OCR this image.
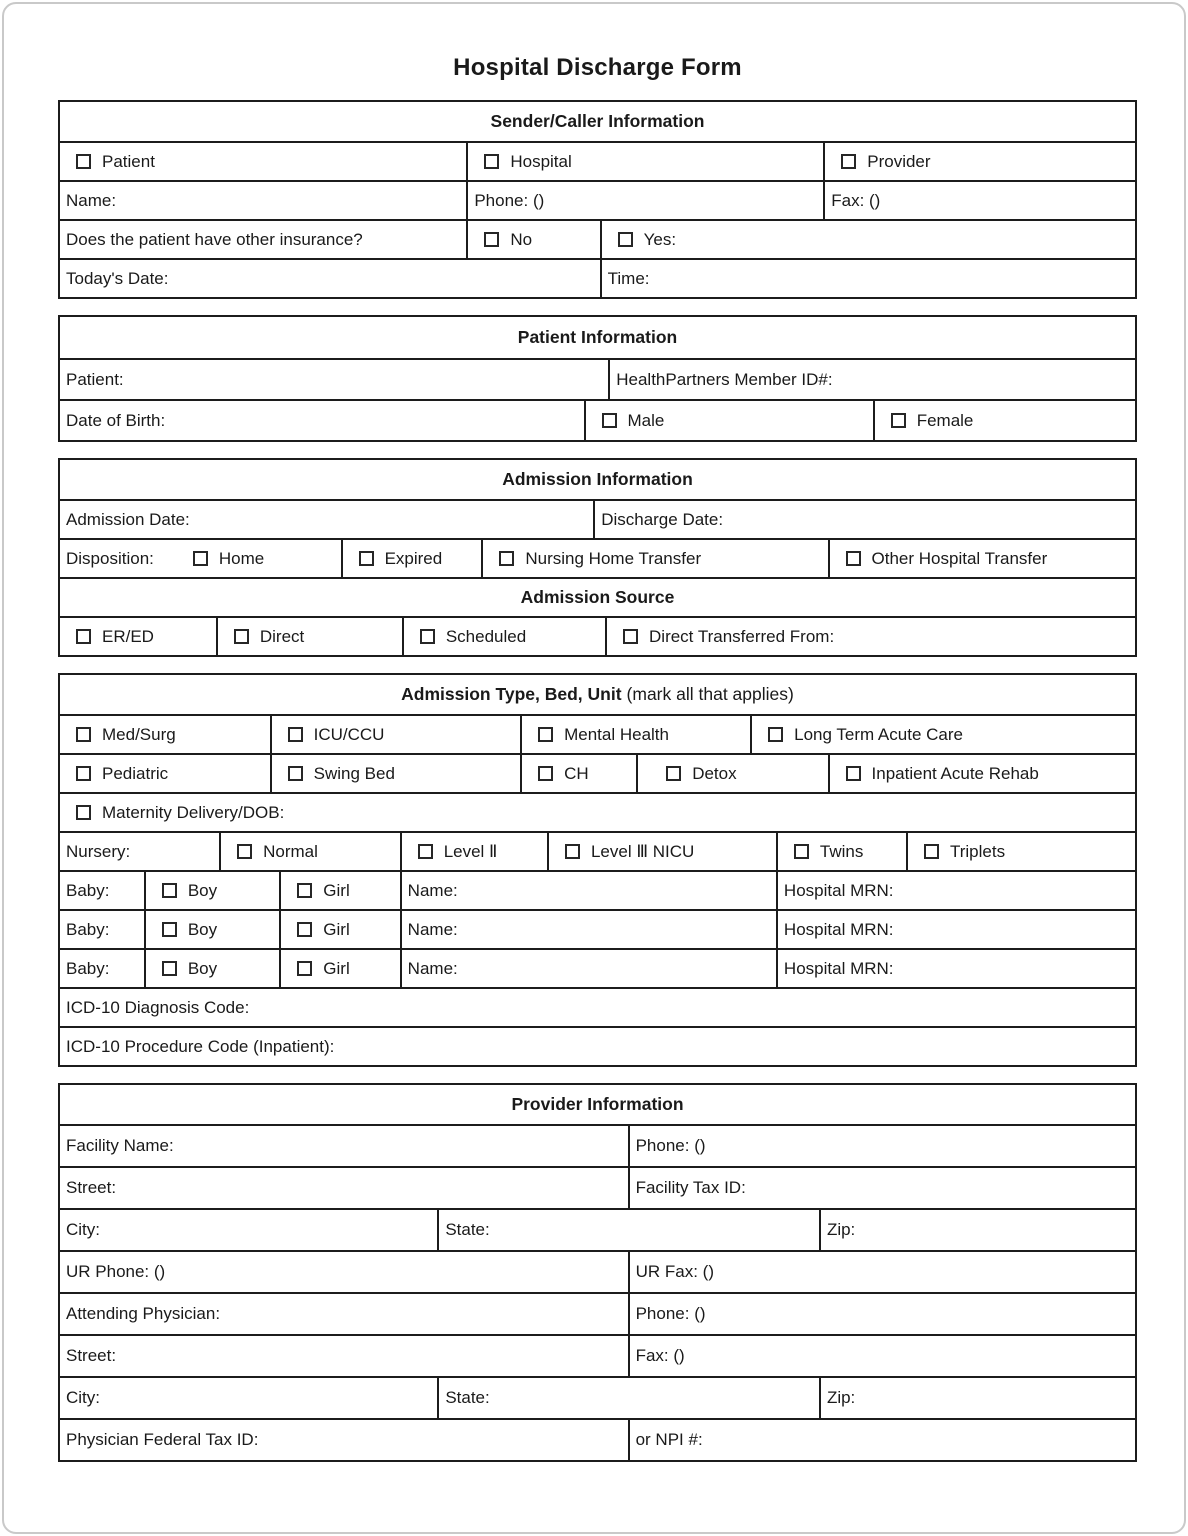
Hospital Discharge Form
Sender/Caller Information
Patient	Hospital	Provider
Name:	Phone: ()	Fax: ()
Does the patient have other insurance?	No	Yes:
Today's Date:	Time:
Patient Information
Patient:	HealthPartners Member ID#:
Date of Birth:	Male	Female
Admission Information
Admission Date:	Discharge Date:
Disposition:	Home	Expired	Nursing Home Transfer	Other Hospital Transfer
Admission Source
ER/ED	Direct	Scheduled	Direct Transferred From:
Admission Type, Bed, Unit (mark all that applies)
Med/Surg	ICU/CCU	Mental Health	Long Term Acute Care
Pediatric	Swing Bed	CH	Detox	Inpatient Acute Rehab
Maternity Delivery/DOB:
Nursery:	Normal	Level Ⅱ	Level Ⅲ NICU	Twins	Triplets
Baby:	Boy	Girl	Name:	Hospital MRN:
Baby:	Boy	Girl	Name:	Hospital MRN:
Baby:	Boy	Girl	Name:	Hospital MRN:
ICD-10 Diagnosis Code:
ICD-10 Procedure Code (Inpatient):
Provider Information
Facility Name:	Phone: ()
Street:	Facility Tax ID:
City:	State:	Zip:
UR Phone: ()	UR Fax: ()
Attending Physician:	Phone: ()
Street:	Fax: ()
City:	State:	Zip:
Physician Federal Tax ID:	or NPI #:
